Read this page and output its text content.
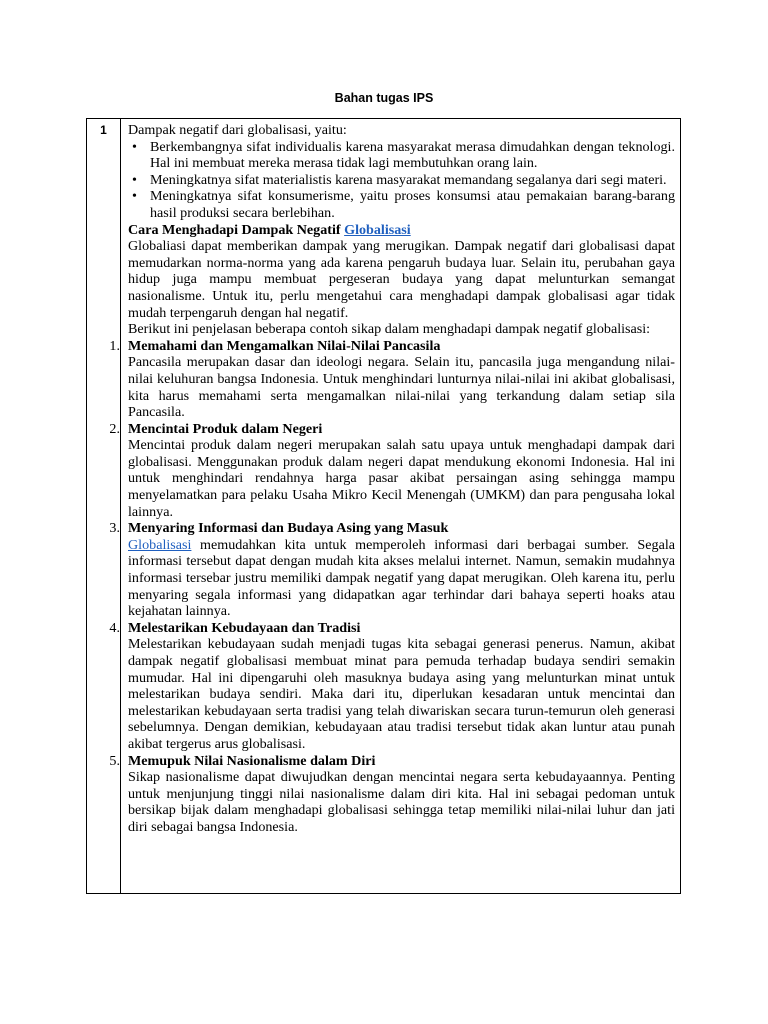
Bahan tugas IPS
1	Dampak negatif dari globalisasi, yaitu:

• Berkembangnya sifat individualis karena masyarakat merasa dimudahkan dengan teknologi. Hal ini membuat mereka merasa tidak lagi membutuhkan orang lain.
• Meningkatnya sifat materialistis karena masyarakat memandang segalanya dari segi materi.
• Meningkatnya sifat konsumerisme, yaitu proses konsumsi atau pemakaian barang-barang hasil produksi secara berlebihan.

Cara Menghadapi Dampak Negatif Globalisasi

Globaliasi dapat memberikan dampak yang merugikan. Dampak negatif dari globalisasi dapat memudarkan norma-norma yang ada karena pengaruh budaya luar. Selain itu, perubahan gaya hidup juga mampu membuat pergeseran budaya yang dapat melunturkan semangat nasionalisme. Untuk itu, perlu mengetahui cara menghadapi dampak globalisasi agar tidak mudah terpengaruh dengan hal negatif.

Berikut ini penjelasan beberapa contoh sikap dalam menghadapi dampak negatif globalisasi:

1. Memahami dan Mengamalkan Nilai-Nilai Pancasila

Pancasila merupakan dasar dan ideologi negara. Selain itu, pancasila juga mengandung nilai-nilai keluhuran bangsa Indonesia. Untuk menghindari lunturnya nilai-nilai ini akibat globalisasi, kita harus memahami serta mengamalkan nilai-nilai yang terkandung dalam setiap sila Pancasila.

2. Mencintai Produk dalam Negeri

Mencintai produk dalam negeri merupakan salah satu upaya untuk menghadapi dampak dari globalisasi. Menggunakan produk dalam negeri dapat mendukung ekonomi Indonesia. Hal ini untuk menghindari rendahnya harga pasar akibat persaingan asing sehingga mampu menyelamatkan para pelaku Usaha Mikro Kecil Menengah (UMKM) dan para pengusaha lokal lainnya.

3. Menyaring Informasi dan Budaya Asing yang Masuk

Globalisasi memudahkan kita untuk memperoleh informasi dari berbagai sumber. Segala informasi tersebut dapat dengan mudah kita akses melalui internet. Namun, semakin mudahnya informasi tersebar justru memiliki dampak negatif yang dapat merugikan. Oleh karena itu, perlu menyaring segala informasi yang didapatkan agar terhindar dari bahaya seperti hoaks atau kejahatan lainnya.

4. Melestarikan Kebudayaan dan Tradisi

Melestarikan kebudayaan sudah menjadi tugas kita sebagai generasi penerus. Namun, akibat dampak negatif globalisasi membuat minat para pemuda terhadap budaya sendiri semakin mumudar. Hal ini dipengaruhi oleh masuknya budaya asing yang melunturkan minat untuk melestarikan budaya sendiri. Maka dari itu, diperlukan kesadaran untuk mencintai dan melestarikan kebudayaan serta tradisi yang telah diwariskan secara turun-temurun oleh generasi sebelumnya. Dengan demikian, kebudayaan atau tradisi tersebut tidak akan luntur atau punah akibat tergerus arus globalisasi.

5. Memupuk Nilai Nasionalisme dalam Diri

Sikap nasionalisme dapat diwujudkan dengan mencintai negara serta kebudayaannya. Penting untuk menjunjung tinggi nilai nasionalisme dalam diri kita. Hal ini sebagai pedoman untuk bersikap bijak dalam menghadapi globalisasi sehingga tetap memiliki nilai-nilai luhur dan jati diri sebagai bangsa Indonesia.
